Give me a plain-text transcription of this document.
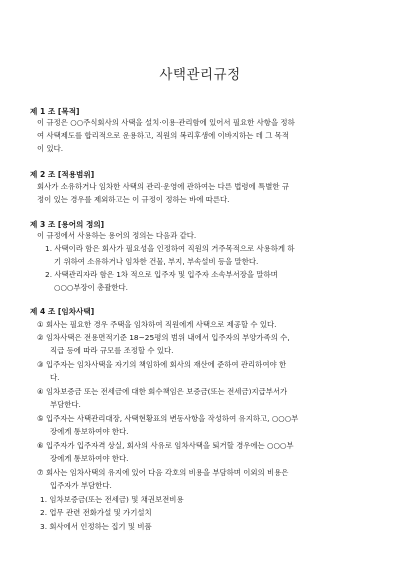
사택관리규정
제 1 조 [목적]
이 규정은 ○○주식회사의 사택을 설치·이용·관리함에 있어서 필요한 사항을 정하
여 사택제도를 합리적으로 운용하고, 직원의 복리후생에 이바지하는 데 그 목적
이 있다.
제 2 조 [적용범위]
회사가 소유하거나 임차한 사택의 관리·운영에 관하여는 다른 법령에 특별한 규
정이 있는 경우를 제외하고는 이 규정이 정하는 바에 따른다.
제 3 조 [용어의 정의]
이 규정에서 사용하는 용어의 정의는 다음과 같다.
1. 사택이라 함은 회사가 필요성을 인정하여 직원의 거주목적으로 사용하게 하
기 위하여 소유하거나 임차한 건물, 부지, 부속설비 등을 말한다.
2. 사택관리자라 함은 1차 적으로 입주자 및 입주자 소속부서장을 말하며
○○○부장이 총괄한다.
제 4 조 [임차사택]
① 회사는 필요한 경우 주택을 임차하여 직원에게 사택으로 제공할 수 있다.
② 임차사택은 전용면적기준 18~25평의 범위 내에서 입주자의 부양가족의 수,
직급 등에 따라 규모를 조정할 수 있다.
③ 입주자는 임차사택을 자기의 책임하에 회사의 재산에 준하여 관리하여야 한
다.
④ 임차보증금 또는 전세금에 대한 회수책임은 보증금(또는 전세금)지급부서가
부담한다.
⑤ 입주자는 사택관리대장, 사택현황표의 변동사항을 작성하여 유지하고, ○○○부
장에게 통보하여야 한다.
⑥ 입주자가 입주자격 상실, 회사의 사유로 임차사택을 퇴거할 경우에는 ○○○부
장에게 통보하여야 한다.
⑦ 회사는 임차사택의 유지에 있어 다음 각호의 비용을 부담하며 이외의 비용은
입주자가 부담한다.
1. 임차보증금(또는 전세금) 및 채권보전비용
2. 업무 관련 전화가설 및 가기설치
3. 회사에서 인정하는 집기 및 비품
